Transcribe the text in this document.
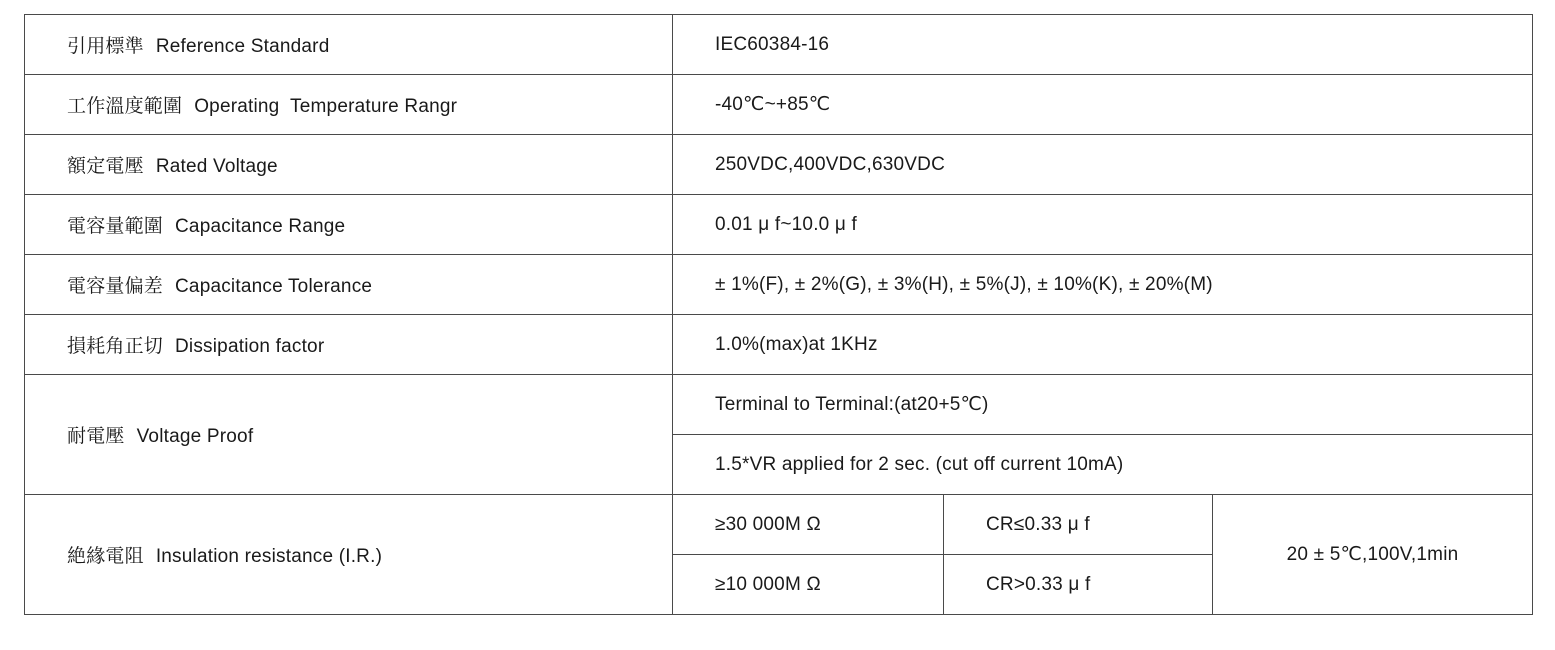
引用標準 Reference Standard	IEC60384-16		
工作溫度範圍 Operating  Temperature Rangr	-40℃~+85℃		
額定電壓 Rated Voltage	250VDC,400VDC,630VDC		
電容量範圍 Capacitance Range	0.01 μ f~10.0 μ f		
電容量偏差 Capacitance Tolerance	± 1%(F), ± 2%(G), ± 3%(H), ± 5%(J), ± 10%(K), ± 20%(M)		
損耗角正切 Dissipation factor	1.0%(max)at 1KHz		
耐電壓 Voltage Proof	Terminal to Terminal:(at20+5℃)		
	1.5*VR applied for 2 sec. (cut off current 10mA)		
絶緣電阻 Insulation resistance (I.R.)	≥30 000M Ω	CR≤0.33 μ f	20 ± 5℃,100V,1min
	≥10 000M Ω	CR>0.33 μ f	
